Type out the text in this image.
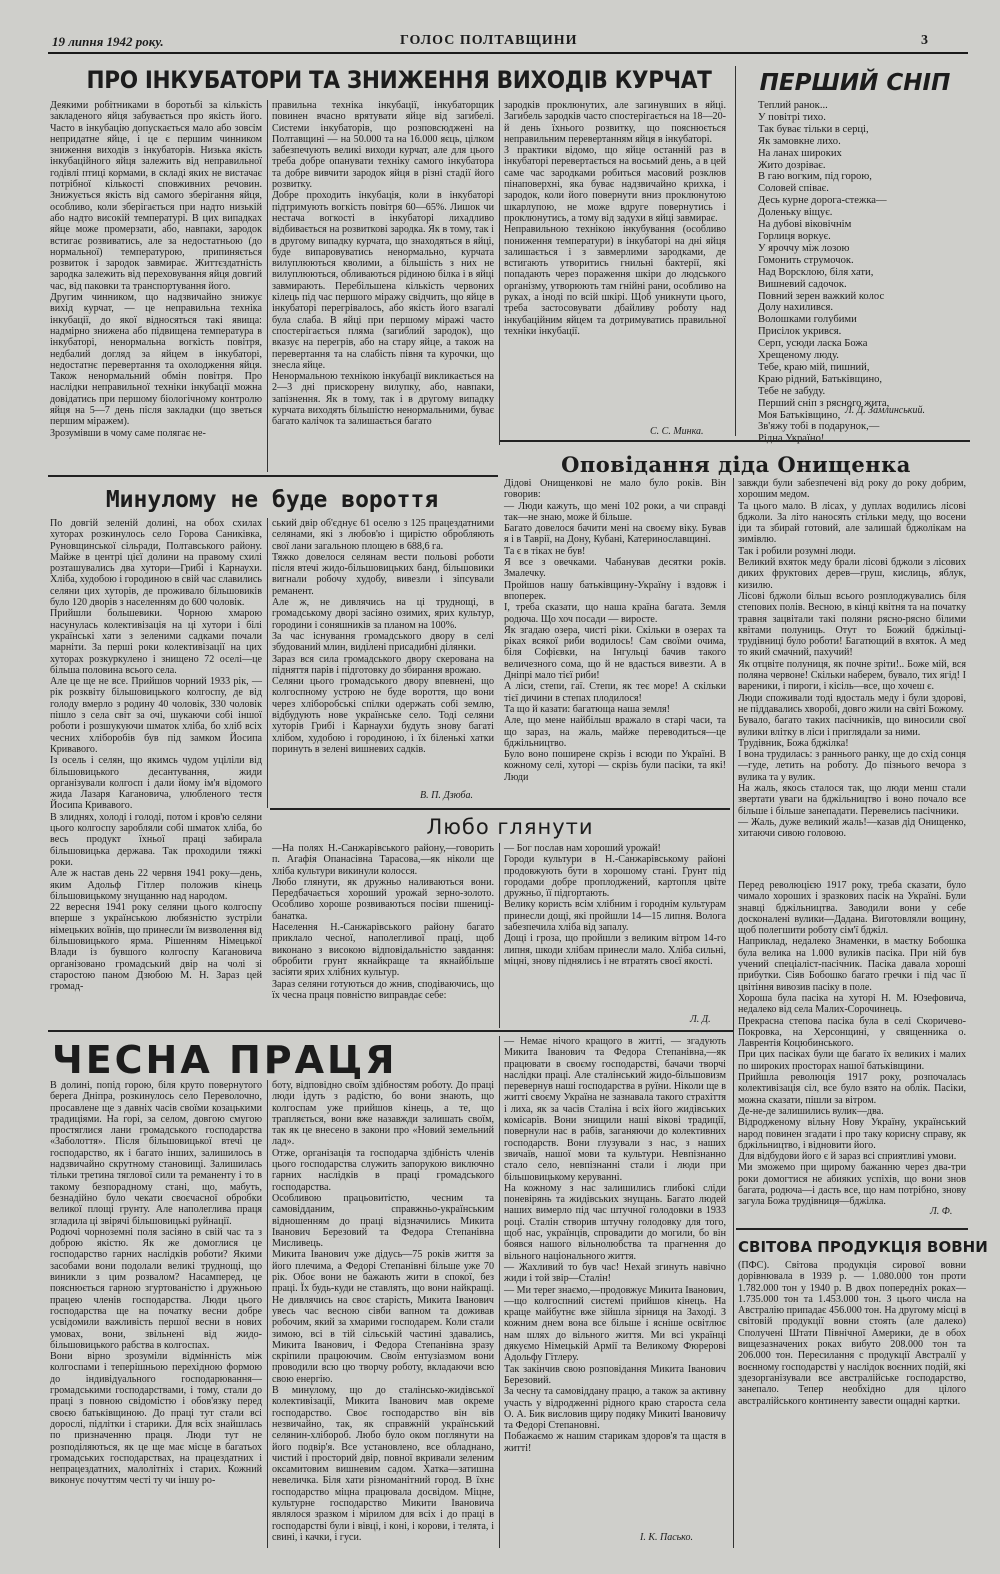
19 липня 1942 року.	ГОЛОС ПОЛТАВЩИНИ	3
ПРО ІНКУБАТОРИ ТА ЗНИЖЕННЯ ВИХОДІВ КУРЧАТ
Деякими робітниками в боротьбі за кількість закладеного яйця забувається про якість його. Часто в інкубацію допускається мало або зовсім непридатне яйце, і це є першим чинником зниження виходів з інкубаторів. Низька якість інкубаційного яйця залежить від неправильної годівлі птиці кормами, в складі яких не вистачає потрібної кількості сповживних речовин. Знижується якість від самого зберігання яйця, особливо, коли зберігається при надто низькій або надто високій температурі. В цих випадках яйце може промерзати, або, навпаки, зародок встигає розвиватись, але за недостатньою (до нормальної) температурою, припиняється розвиток і зародок завмирає. Життєздатність зародка залежить від переховування яйця довгий час, від паковки та транспортування його.
Другим чинником, що надзвичайно знижує вихід курчат, — це неправильна техніка інкубації, до якої відносяться такі явища: надмірно знижена або підвищена температура в інкубаторі, ненормальна вогкість повітря, недбалий догляд за яйцем в інкубаторі, недостатнє перевертання та охолодження яйця. Також ненормальний обмін повітря. Про наслідки неправильної техніки інкубації можна довідатись при першому біологічному контролю яйця на 5—7 день після закладки (що зветься першим міражем).
Зрозумівши в чому саме полягає не-
правильна техніка інкубації, інкубаторщик повинен вчасно врятувати яйце від загибелі. Системи інкубаторів, що розповсюджені на Полтавщині — на 50.000 та на 16.000 яєць, цілком забезпечують великі виходи курчат, але для цього треба добре опанувати техніку самого інкубатора та добре вивчити зародок яйця в різні стадії його розвитку.
Добре проходить інкубація, коли в інкубаторі підтримують вогкість повітря 60—65%. Лишок чи нестача вогкості в інкубаторі лихадливо відбивається на розвиткові зародка. Як в тому, так і в другому випадку курчата, що знаходяться в яйці, буде випаровуватись ненормально, курчата вилуплюються кволими, а більшість з них не вилуплюються, обливаються рідиною білка і в яйці завмирають. Перебільшена кількість червоних кілець під час першого міражу свідчить, що яйце в інкубаторі перегрівалось, або якість його взагалі була слаба. В яйці при першому міражі часто спостерігається пляма (загиблий зародок), що вказує на перегрів, або на стару яйце, а також на перевертання та на слабість півня та курочки, що знесла яйце.
Ненормальною технікою інкубації викликається на 2—3 дні прискорену вилупку, або, навпаки, запізнення. Як в тому, так і в другому випадку курчата виходять більшістю ненормальними, буває багато калічок та залишається багато
зародків проклюнутих, але загинувших в яйці. Загибель зародків часто спостерігається на 18—20-й день їхнього розвитку, що пояснюється неправильним перевертанням яйця в інкубаторі.
З практики відомо, що яйце останній раз в інкубаторі перевертається на восьмий день, а в цей саме час зародками робиться масовий розклюв пінаповерхні, яка буває надзвичайно крихка, і зародок, коли його повернути вниз проклюнутою шкарлупою, не може вдруге повернутись і проклюнутись, а тому від задухи в яйці завмирає.
Неправильною технікою інкубування (особливо пониження температури) в інкубаторі на дні яйця залишається і з завмерлими зародками, де встигають утворитись гнильні бактерії, які попадають через пораження шкіри до людського організму, утворюють там гнійні рани, особливо на руках, а іноді по всій шкірі. Щоб уникнути цього, треба застосовувати дбайливу роботу над інкубаційним яйцем та дотримуватись правильної техніки інкубації.
С. С. Минка.
ПЕРШИЙ СНІП
Теплий ранок...
У повітрі тихо.
Так буває тільки в серці,
Як замовкне лихо.
На ланах широких
Жито дозріває.
В гаю вогким, під горою,
Соловей співає.
Десь курне дорога-стежка—
Доленьку віщує.
На дубові віковічнім
Горлиця воркує.
У яроччу між лозою
Гомонить струмочок.
Над Ворсклою, біля хати,
Вишневий садочок.
Повний зерен важкий колос
Долу нахилився.
Волошками голубими
Присілок укрився.
Серп, усюди ласка Божа
Хрещеному люду.
Тебе, краю мій, пишний,
Краю рідний, Батьківщино,
Тебе не забуду.
Перший сніп з рясного жита,
Моя Батьківщино,
Зв'яжу тобі в подарунок,—
Рідна Україно!
Л. Д. Замлинський.
Оповідання діда Онищенка
Дідові Онищенкові не мало було років. Він говорив:
— Люди кажуть, що мені 102 роки, а чи справді так—не знаю, може й більше.
Багато довелося бачити мені на своєму віку. Бував я і в Таврії, на Дону, Кубані, Катеринославщині.
Та є в тіках не був!
Я все з овечками. Чабанував десятки років. Змалечку.
Пройшов нашу батьківщину-Україну і вздовж і впоперек.
І, треба сказати, що наша країна багата. Земля родюча. Що хоч посади — виросте.
Як згадаю озера, чисті ріки. Скільки в озерах та ріках всякої риби водилось! Сам своїми очима, біля Софієвки, на Інгульці бачив такого величезного сома, що й не вдасться вивезти. А в Дніпрі мало тієї риби!
А ліси, степи, гаї. Степи, як теє море! А скільки тієї дичини в степах плодилося!
Та що й казати: багатюща наша земля!
Але, що мене найбільш вражало в старі часи, та що зараз, на жаль, майже переводиться—це бджільництво.
Було воно поширене скрізь і всюди по Україні. В кожному селі, хуторі — скрізь були пасіки, та які! Люди
завжди були забезпечені від року до року добрим, хорошим медом.
Та цього мало. В лісах, у дуплах водились лісові бджоли. За літо наносять стільки меду, що восени іди та збирай готовий, але залишай бджолікам на зимівлю.
Так і робили розумні люди.
Великий вхяток меду брали лісові бджоли з лісових диких фруктових дерев—груш, кислиць, яблук, кизилю.
Лісові бджоли більш всього розплоджувались біля степових полів. Весною, в кінці квітня та на початку травня зацвітали такі поляни рясно-рясно білими квітами полуниць. Отут то Божий бджільці-трудівниці було роботи! Багатющий в вхяток. А мед то який смачний, пахучий!
Як отцвіте полуниця, як почне зріти!.. Боже мій, вся поляна червоне! Скільки наберем, бувало, тих ягід! І вареники, і пироги, і кісіль—все, що хочеш є.
Люди споживали тоді вдосталь меду і були здорові, не піддавались хворобі, довго жили на світі Божому.
Бувало, багато таких пасічників, що виносили свої вулики влітку в ліси і приглядали за ними.
Трудівник, Божа бджілка!
І вона трудилась: з раннього ранку, ще до схід сонця—гуде, летить на роботу. До пізнього вечора з вулика та у вулик.
На жаль, якось сталося так, що люди менш стали звертати уваги на бджільництво і воно почало все більше і більше занепадати. Перевелись пасічники.
— Жаль, дуже великий жаль!—казав дід Онищенко, хитаючи сивою головою.
Перед революцією 1917 року, треба сказати, було чимало хороших і зразкових пасік на Україні. Були знавці бджільництва. Заводили вони у себе досконалені вулики—Дадана. Виготовляли вощину, щоб полегшити роботу сім'ї бджіл.
Наприклад, недалеко Знаменки, в маєтку Бобошка була велика на 1.000 вуликів пасіка. При ній був учений спеціаліст-пасічник. Пасіка давала хороші прибутки. Сіяв Бобошко багато гречки і під час її цвітіння вивозив пасіку в поле.
Хороша була пасіка на хуторі Н. М. Юзефовича, недалеко від села Малих-Сорочинець.
Прекрасна степова пасіка була в селі Скоричево-Покровка, на Херсонщині, у священника о. Лаврентія Коцюбинського.
При цих пасіках були ще багато їх великих і малих по широких просторах нашої батьківщини.
Прийшла революція 1917 року, розпочалась колективізація сіл, все було взято на облік. Пасіки, можна сказати, пішли за вітром.
Де-не-де залишились вулик—два.
Відродженому вільну Нову Україну, український народ повинен згадати і про таку корисну справу, як бджільництво, і відновити його.
Для відбудови його є й зараз всі сприятливі умови.
Ми зможемо при щирому бажанню через два-три роки домогтися не абияких успіхів, що вони знов багата, родюча—і дасть все, що нам потрібно, знову загула Божа трудівниця—бджілка.
Л. Ф.
Минулому не буде вороття
По довгій зеленій долині, на обох схилах хуторах розкинулось село Горова Саниківка, Руновщинської сільради, Полтавського району. Майже в центрі цієї долини на правому схилі розташувались два хутори—Грибі і Карнаухи. Хліба, худобою і городиною в свій час славились селяни цих хуторів, де проживало більшовиків було 120 дворів з населенням до 600 чоловік.
Прийшли большевики. Чорною хмарою насунулась колективізація на ці хутори і білі українські хати з зеленими садками почали марніти. За перші роки колективізації на цих хуторах розкуркулено і знищено 72 оселі—це більша половина всього села.
Але це ще не все. Прийшов чорний 1933 рік, — рік розквіту більшовицького колгоспу, де від голоду вмерло з родину 40 чоловік, 330 чоловік пішло з села світ за очі, шукаючи собі іншої роботи і розшукуючи шматок хліба, бо хліб всіх чесних хліборобів був під замком Йосипа Кривавого.
Із осель і селян, що якимсь чудом уціліли від більшовицького десантування, жиди організували колгосп і дали йому ім'я відомого жида Лазаря Кагановича, улюбленого тестя Йосипа Кривавого.
В злиднях, холоді і голоді, потом і кров'ю селяни цього колгоспу заробляли собі шматок хліба, бо весь продукт їхньої праці забирала більшовицька держава. Так проходили тяжкі роки.
Але ж настав день 22 червня 1941 року—день, яким Адольф Гітлер положив кінець більшовицькому знущанню над народом.
22 вересня 1941 року селяни цього колгоспу вперше з українською любязністю зустріли німецьких воїнів, що принесли їм визволення від більшовицького ярма. Рішенням Німецької Влади із бувшого колгоспу Кагановича організовано громадський двір на чолі зі старостою паном Дзюбою М. Н. Зараз цей громад-
ський двір об'єднує 61 оселю з 125 працездатними селянами, які з любов'ю і щирістю обробляють свої лани загальною площею в 688,6 га.
Тяжко довелося селянам вести польові роботи після втечі жидо-більшовицьких банд, більшовики вигнали робочу худобу, вивезли і зіпсували реманент.
Але ж, не дивлячись на ці труднощі, в громадському дворі засіяно озимих, ярих культур, городини і соняшників за планом на 100%.
За час існування громадського двору в селі збудований млин, виділені присадибні ділянки.
Зараз вся сила громадського двору скерована на підняття парів і підготовку до збирання врожаю.
Селяни цього громадського двору впевнені, що колгоспному устрою не буде вороття, що вони через хліборобські спілки одержать собі землю, відбудують нове українське село. Тоді селяни хуторів Грибі і Карнаухи будуть знову багаті хлібом, худобою і городиною, і їх біленькі хатки поринуть в зелені вишневих садків.
В. П. Дзюба.
Любо глянути
—На полях Н.-Санжарівського району,—говорить п. Агафія Опанасівна Тарасова,—як ніколи ще хліба культури викинули колосся.
Любо глянути, як дружньо наливаються вони. Передбачається хороший урожай зерно-золото. Особливо хороше розвиваються посіви пшениці-банатка.
Населення Н.-Санжарівського району багато приклало чесної, наполегливої праці, щоб виконано з високою відповідальністю завдання: обробити грунт якнайкраще та якнайбільше засіяти ярих хлібних культур.
Зараз селяни готуються до жнив, сподіваючись, що їх чесна праця повністю виправдає себе:
— Бог послав нам хороший урожай!
Городи культури в Н.-Санжарівському районі продовжують бути в хорошому стані. Грунт під городами добре проплоджений, картопля цвіте дружньо, її підгортають.
Велику користь всім хлібним і городнім культурам принесли дощі, які пройшли 14—15 липня. Волога забезпечила хліба від запалу.
Дощі і гроза, що пройшли з великим вітром 14-го липня, шкоди хлібам принесли мало. Хліба сильні, міцні, знову піднялись і не втратять своєї якості.
Л. Д.
ЧЕСНА ПРАЦЯ
В долині, попід горою, біля круто повернутого берега Дніпра, розкинулось село Переволочно, просавлене ще з давніх часів своїми козацькими традиціями. На горі, за селом, довгою смугою простяглися лани громадського господарства «Заболоття». Після більшовицької втечі це господарство, як і багато інших, залишилось в надзвичайно скрутному становищі. Залишилась тільки третина тяглової сили та реманенту і то в такому безпорадному стані, що, мабуть, безнадійно було чекати своєчасної обробки великої площі грунту. Але наполеглива праця згладила ці звірячі більшовицькі руйнації.
Родючі чорноземні поля засіяно в свій час та з доброю якістю. Як же домоглися це господарство гарних наслідків роботи? Якими засобами вони подолали великі труднощі, що виникли з цим розвалом? Насамперед, це пояснюється гарною згуртованістю і дружньою працею членів господарства. Люди цього господарства ще на початку весни добре усвідомили важливість першої весни в нових умовах, вони, звільнені від жидо-більшовицького рабства в колгоспах.
Вони вірно зрозуміли відмінність між колгоспами і теперішньою перехідною формою до індивідуального господарювання—громадськими господарствами, і тому, стали до праці з повною свідомістю і обов'язку перед своєю батьківщиною. До праці тут стали всі дорослі, підлітки і старики. Для всіх знайшлась по призначенню праця. Люди тут не розподіляються, як це ще має місце в багатьох громадських господарствах, на працездатних і непрацездатних, малолітніх і старих. Кожний виконує почуттям честі ту чи іншу ро-
боту, відповідно своїм здібностям роботу. До праці люди ідуть з радістю, бо вони знають, що колгоспам уже прийшов кінець, а те, що трапляється, вони вже назавжди залишать своїм, так як це внесено в закони про «Новий земельний лад».
Отже, організація та господарча здібність членів цього господарства служить запорукою виключно гарних наслідків в праці громадського господарства.
Особливою працьовитістю, чесним та самовідданим, справжньо-українським відношенням до праці відзначились Микита Іванович Березовий та Федора Степанівна Мисливець.
Микита Іванович уже дідусь—75 років життя за його плечима, а Федорі Степанівні більше уже 70 рік. Обоє вони не бажають жити в спокої, без праці. Їх будь-куди не ставлять, що вони найкращі. Не дивлячись на своє старість, Микита Іванович увесь час весною сівби вапном та доживав робочим, який за хмарими господарем. Коли стали зимою, всі в тій сільській частині здавались, Микита Іванович, і Федора Степанівна зразу скріпили працюючим. Своїм ентузіазмом вони проводили всю цю творчу роботу, вкладаючи всю свою енергію.
В минулому, що до сталінсько-жидівської колективізації, Микита Іванович мав окреме господарство. Своє господарство він вів незвичайно, так, як справжній український селянин-хлібороб. Любо було оком поглянути на його подвір'я. Все установлено, все обладнано, чистий і просторий двір, повної вкривали зеленим оксамитовим вишневим садом. Хатка—затишна невеличка. Біля хати різноманітний город. В їхнє господарство міцна працювала досвідом. Міцне, культурне господарство Микити Івановича являлося зразком і мірилом для всіх і до праці в господарстві були і вівці, і коні, і корови, і телята, і свині, і качки, і гуси.
— Немає нічого кращого в житті, — згадують Микита Іванович та Федора Степанівна,—як працювати в своєму господарстві, бачачи творчі наслідки праці. Але сталінський жидо-більшовизм перевернув наші господарства в руїни. Ніколи ще в житті своєму Україна не зазнавала такого страхіття і лиха, як за часів Сталіна і всіх його жидівських комісарів. Вони знищили наші вікові традиції, повернули нас в рабів, заганяючи до колективних господарств. Вони глузували з нас, з наших звичаїв, нашої мови та культури. Невпізнанно стало село, невпізнанні стали і люди при більшовицькому керуванні.
На кожному з нас залишились глибокі сліди поневірянь та жидівських знущань. Багато людей наших вимерло під час штучної голодовки в 1933 році. Сталін створив штучну голодовку для того, щоб нас, українців, спровадити до могили, бо він боявся нашого вільнолюбства та прагнення до вільного національного життя.
— Жахливий то був час! Нехай згинуть навічно жиди і той звір—Сталін!
— Ми теper знаємо,—продовжує Микита Іванович,—що колгоспний системі прийшов кінець. На краще майбутнє вже зійшла зірниця на Заході. З кожним днем вона все більше і ясніше освітлює нам шлях до вільного життя. Ми всі українці дякуємо Німецькій Армії та Великому Фюрерові Адольфу Гітлеру.
Так закінчив свою розповідання Микита Іванович Березовий.
За чесну та самовіддану працю, а також за активну участь у відродженні рідного краю староста села О. А. Бик висловив щиру подяку Микиті Івановичу та Федорі Степановні.
Побажаємо ж нашим старикам здоров'я та щастя в житті!
І. К. Пасько.
СВІТОВА ПРОДУКЦІЯ ВОВНИ
(ПФС). Світова продукція сирової вовни дорівнювала в 1939 р. — 1.080.000 тон проти 1.782.000 тон у 1940 р. В двох попередніх роках—1.735.000 тон та 1.453.000 тон. З цього числа на Австралію припадає 456.000 тон. На другому місці в світовій продукції вовни стоять (але далеко) Сполучені Штати Північної Америки, де в обох вищезазначених роках вибуто 208.000 тон та 206.000 тон. Пересилання с продукції Австралії у воєнному господарстві у наслідок воєнних подій, які здезорганізували все австралійське господарство, занепало. Тепер необхідно для цілого австралійського континенту завести ощадні картки.
